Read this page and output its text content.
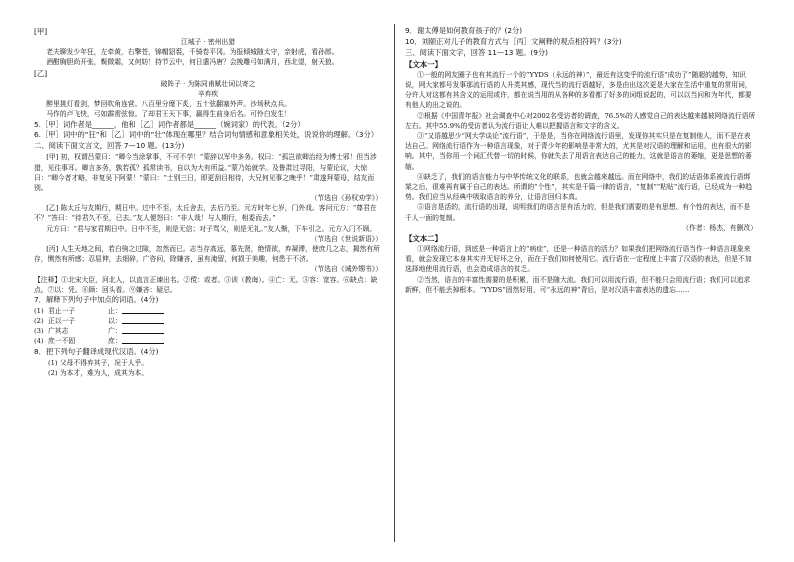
[甲]

江城子 · 密州出猎

老夫聊发少年狂，左牵黄，右擎苍，锦帽貂裘，千骑卷平冈。为报倾城随太守，亲射虎，看孙郎。

酒酣胸胆尚开张，鬓微霜，又何妨！持节云中，何日遣冯唐？会挽雕弓如满月，西北望，射天狼。

[乙]

破阵子 · 为陈同甫赋壮词以寄之

辛弃疾

醉里挑灯看剑，梦回吹角连营。八百里分麾下炙，五十弦翻塞外声。沙场秋点兵。

马作的卢飞快，弓如霹雳弦惊。了却君王天下事，赢得生前身后名。可怜白发生！

5.［甲］词作者是______，他和［乙］词作者都是______（婉词家）的代表。（2分）

6.［甲］词中的“狂”和［乙］词中的“壮”体现在哪里？结合词句情感和意象相关处，说说你的理解。（3分）

二、阅读下面文言文，回答 7—10 题。(13分)

[甲] 初，权谓吕蒙曰：“卿今当涂掌事，不可不学！”蒙辞以军中多务。权曰：“孤岂欲卿治经为博士邪！但当涉猎，见往事耳。卿言多务，孰若孤？孤常读书，自以为大有所益。”蒙乃始就学。及鲁肃过寻阳，与蒙论议，大惊曰：“卿今者才略，非复吴下阿蒙！”蒙曰：“士别三日，即更刮目相待，大兄何见事之晚乎！”肃遂拜蒙母，结友而别。

（节选自《孙权劝学》）

[乙] 陈太丘与友期行，期日中。过中不至，太丘舍去，去后乃至。元方时年七岁，门外戏。客问元方：“尊君在不？”答曰：“待君久不至，已去。”友人便怒曰：“非人哉！与人期行，相委而去。”

元方曰：“君与家君期日中。日中不至，则是无信；对子骂父，则是无礼。”友人惭，下车引之。元方入门不顾。

（节选自《世说新语》）

[丙] 人生天地之间，若白驹之过隙，忽然而已。志当存高远，慕先贤，绝情欲，弃凝滞，使庶几之志，揭然有所存，恻然有所感；忍屈伸，去细碎，广咨问，除嫌吝，虽有淹留，何损于美趣，何患于不济。

（节选自《诫外甥书》）

【注释】①北宋大臣，河北人，以直言正谏出名。②傥：或者。③训（教诲）。④亡：无。⑤容：宽容。⑥缺点：缺点。⑦以：凭。⑧顾：回头看。⑨嫌吝：疑忌。

7．解释下列句子中加点的词语。(4分)

(1) 君止一子	止：
(2) 正以一子	以：
(3) 广其志	广：
(4) 庶一不固	庶：

8．把下列句子翻译成现代汉语。(4分)

(1) 父母不得弃其子，况于人乎。

(2) 为本才，难为人，成其为本。

9．谢太傅是如何教育孩子的？(2分)

10．刘颐正对儿子的教育方式与［丙］文阐释的观点相符吗？(3分)

三、阅读下面文字，回答 11—13 题。(9分)

【文本一】

①一般的网友圈子也有其流行一个的“YYDS（永远的神）”，最近有这变乎的流行语“成功了”随超的越势，知识说，网大家都号发事那流行语的人升类其感，现代当的流行语越好，多是由出这次更是大家在生活中重复的常用词，分许人对这都有其含义的运用或许，都在说当用的从各种的多看都了好多的词组说起的，可以以当问和为年代，都要有他人的出之说的。

②根据《中国青年报》社会调查中心对2002名受访者的调查，76.5%的人感觉自己的表达越来越被网络流行语所左右。其中55.9%的受访者认为流行语让人难以把握语言和文字的含义。

③“又语越思少”网大学谈论“流行语”，于是是，当你在网络流行语里，发现你其实只是在复制他人，而不是在表达自己。网络流行语作为一种语言现象，对于青少年的影响是非常大的，尤其是对汉语的理解和运用，也有很大的影响。其中，当你用一个词汇代替一切的时候，你就失去了用语言表达自己的能力，这就是语言的萎缩，更是思想的萎缩。

④缺乏了，我们的语言能力与中华传统文化的联系，也就会越来越远。而在网络中，我们的话语体系被流行语绑架之后，很难再有属于自己的表达。所谓的“个性”，其实是千篇一律的语言，“复制”“粘贴”流行语，已经成为一种趋势。我们应当从经典中吸取语言的养分，让语言回归本真。

⑤语言是活的，流行语的出现，说明我们的语言是有活力的，但是我们需要的是有思想、有个性的表达，而不是千人一面的复制。

（作者：杨杰，有删改）

【文本二】

①网络流行语，到底是一种语言上的“病症”，还是一种语言的活力？如果我们把网络流行语当作一种语言现象来看，就会发现它本身其实并无好坏之分，而在于我们如何使用它。流行语在一定程度上丰富了汉语的表达，但是不加选择地使用流行语，也会造成语言的贫乏。

②当然，语言的丰富性需要的是积累，而不是随大流。我们可以用流行语，但不能只会用流行语；我们可以追求新鲜，但不能丢掉根本。“YYDS”固然好用，可“永远的神”背后，是对汉语丰富表达的遗忘……
